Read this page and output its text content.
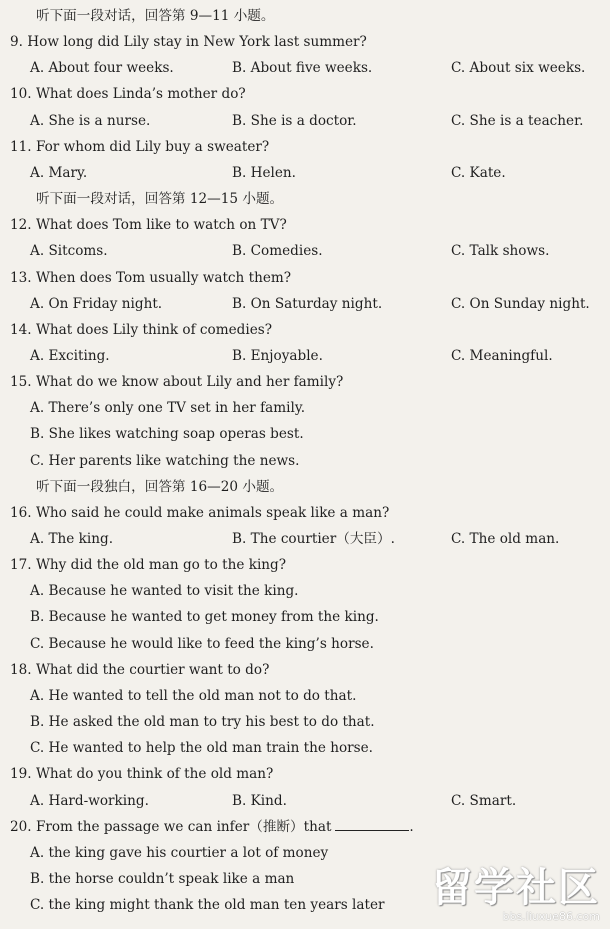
听下面一段对话，回答第 9—11 小题。
9. How long did Lily stay in New York last summer?
A. About four weeks.	B. About five weeks.	C. About six weeks.
10. What does Linda’s mother do?
A. She is a nurse.	B. She is a doctor.	C. She is a teacher.
11. For whom did Lily buy a sweater?
A. Mary.	B. Helen.	C. Kate.
听下面一段对话，回答第 12—15 小题。
12. What does Tom like to watch on TV?
A. Sitcoms.	B. Comedies.	C. Talk shows.
13. When does Tom usually watch them?
A. On Friday night.	B. On Saturday night.	C. On Sunday night.
14. What does Lily think of comedies?
A. Exciting.	B. Enjoyable.	C. Meaningful.
15. What do we know about Lily and her family?
A. There’s only one TV set in her family.
B. She likes watching soap operas best.
C. Her parents like watching the news.
听下面一段独白，回答第 16—20 小题。
16. Who said he could make animals speak like a man?
A. The king.	B. The courtier（大臣）.	C. The old man.
17. Why did the old man go to the king?
A. Because he wanted to visit the king.
B. Because he wanted to get money from the king.
C. Because he would like to feed the king’s horse.
18. What did the courtier want to do?
A. He wanted to tell the old man not to do that.
B. He asked the old man to try his best to do that.
C. He wanted to help the old man train the horse.
19. What do you think of the old man?
A. Hard-working.	B. Kind.	C. Smart.
20. From the passage we can infer（推断）that	.
A. the king gave his courtier a lot of money
B. the horse couldn’t speak like a man
C. the king might thank the old man ten years later 留学社区
bbs.liuxue86.com
